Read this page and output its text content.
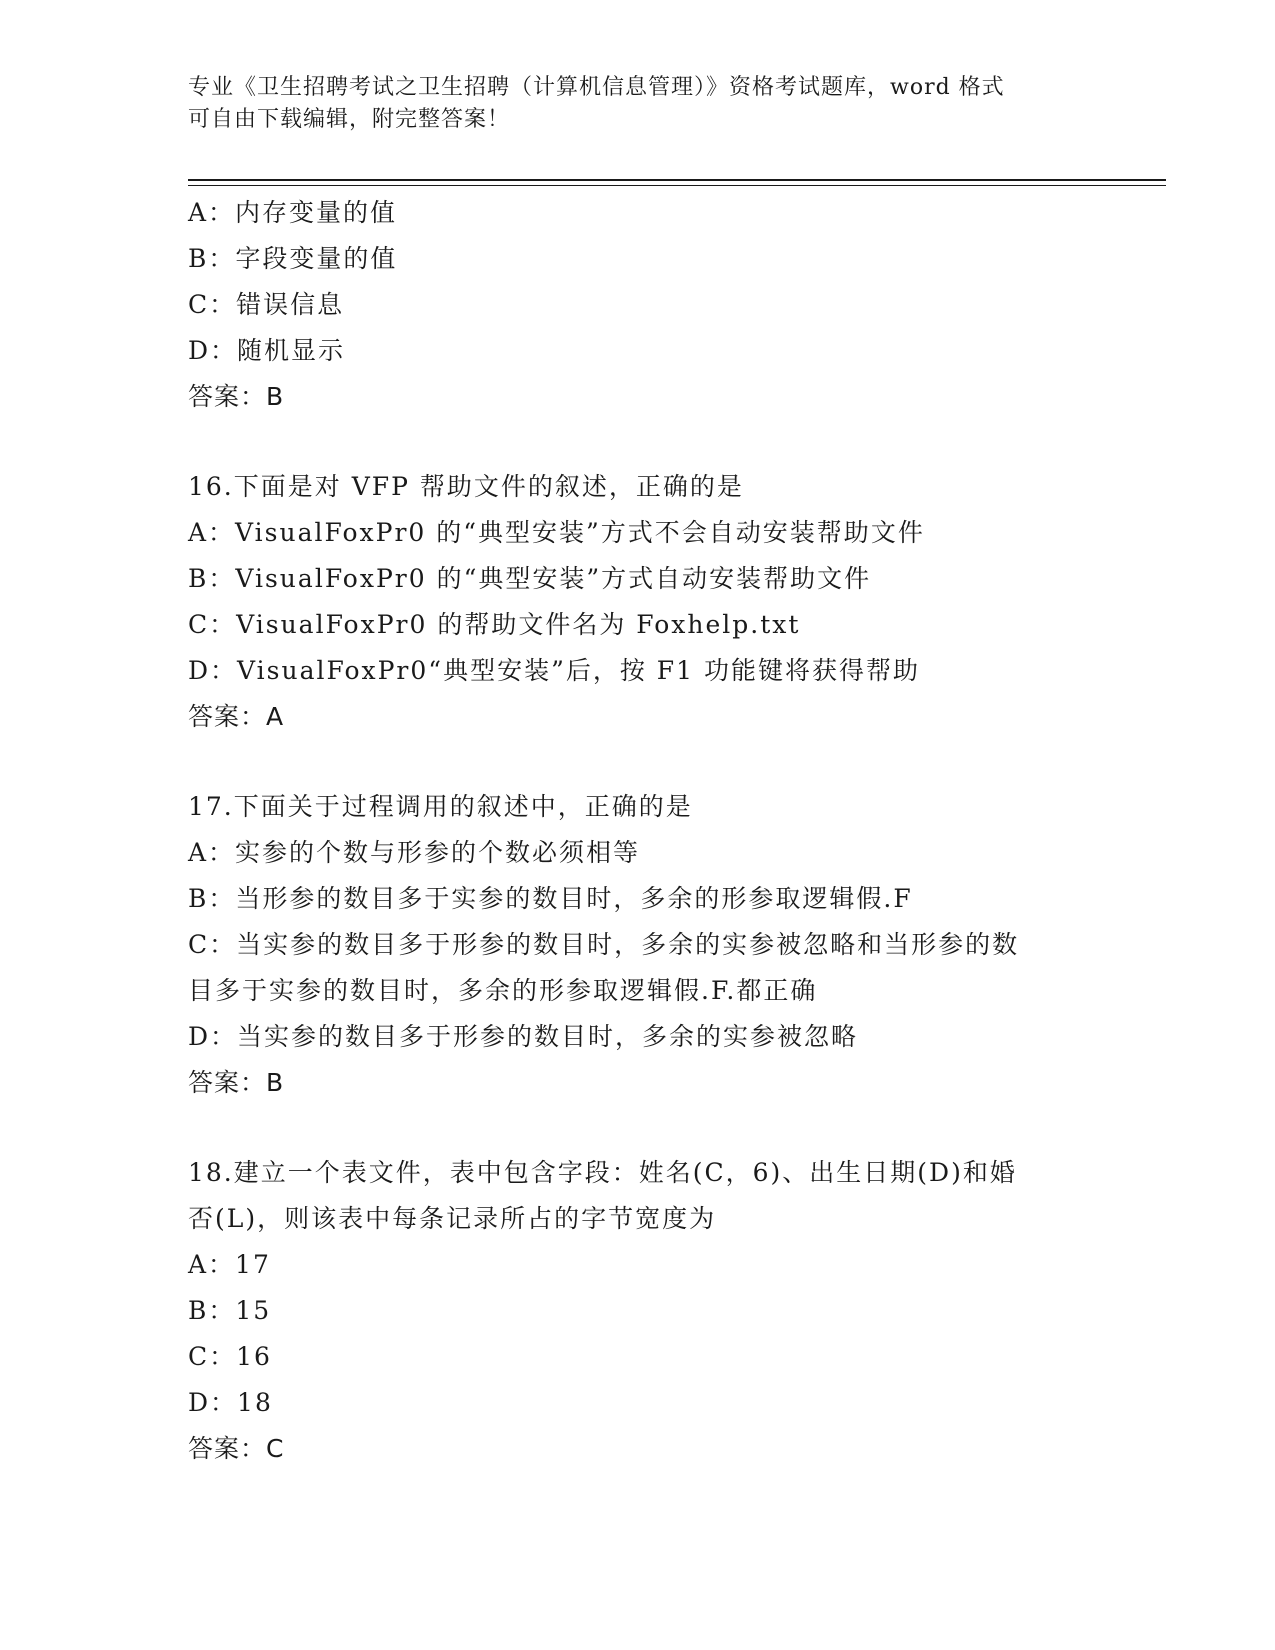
专业《卫生招聘考试之卫生招聘（计算机信息管理）》资格考试题库，word 格式
可自由下载编辑，附完整答案！
A：内存变量的值
B：字段变量的值
C：错误信息
D：随机显示
答案：B
16.下面是对 VFP 帮助文件的叙述，正确的是
A：VisualFoxPr0 的“典型安装”方式不会自动安装帮助文件
B：VisualFoxPr0 的“典型安装”方式自动安装帮助文件
C：VisualFoxPr0 的帮助文件名为 Foxhelp.txt
D：VisualFoxPr0“典型安装”后，按 F1 功能键将获得帮助
答案：A
17.下面关于过程调用的叙述中，正确的是
A：实参的个数与形参的个数必须相等
B：当形参的数目多于实参的数目时，多余的形参取逻辑假.F
C：当实参的数目多于形参的数目时，多余的实参被忽略和当形参的数
目多于实参的数目时，多余的形参取逻辑假.F.都正确
D：当实参的数目多于形参的数目时，多余的实参被忽略
答案：B
18.建立一个表文件，表中包含字段：姓名(C，6)、出生日期(D)和婚
否(L)，则该表中每条记录所占的字节宽度为
A：17
B：15
C：16
D：18
答案：C
